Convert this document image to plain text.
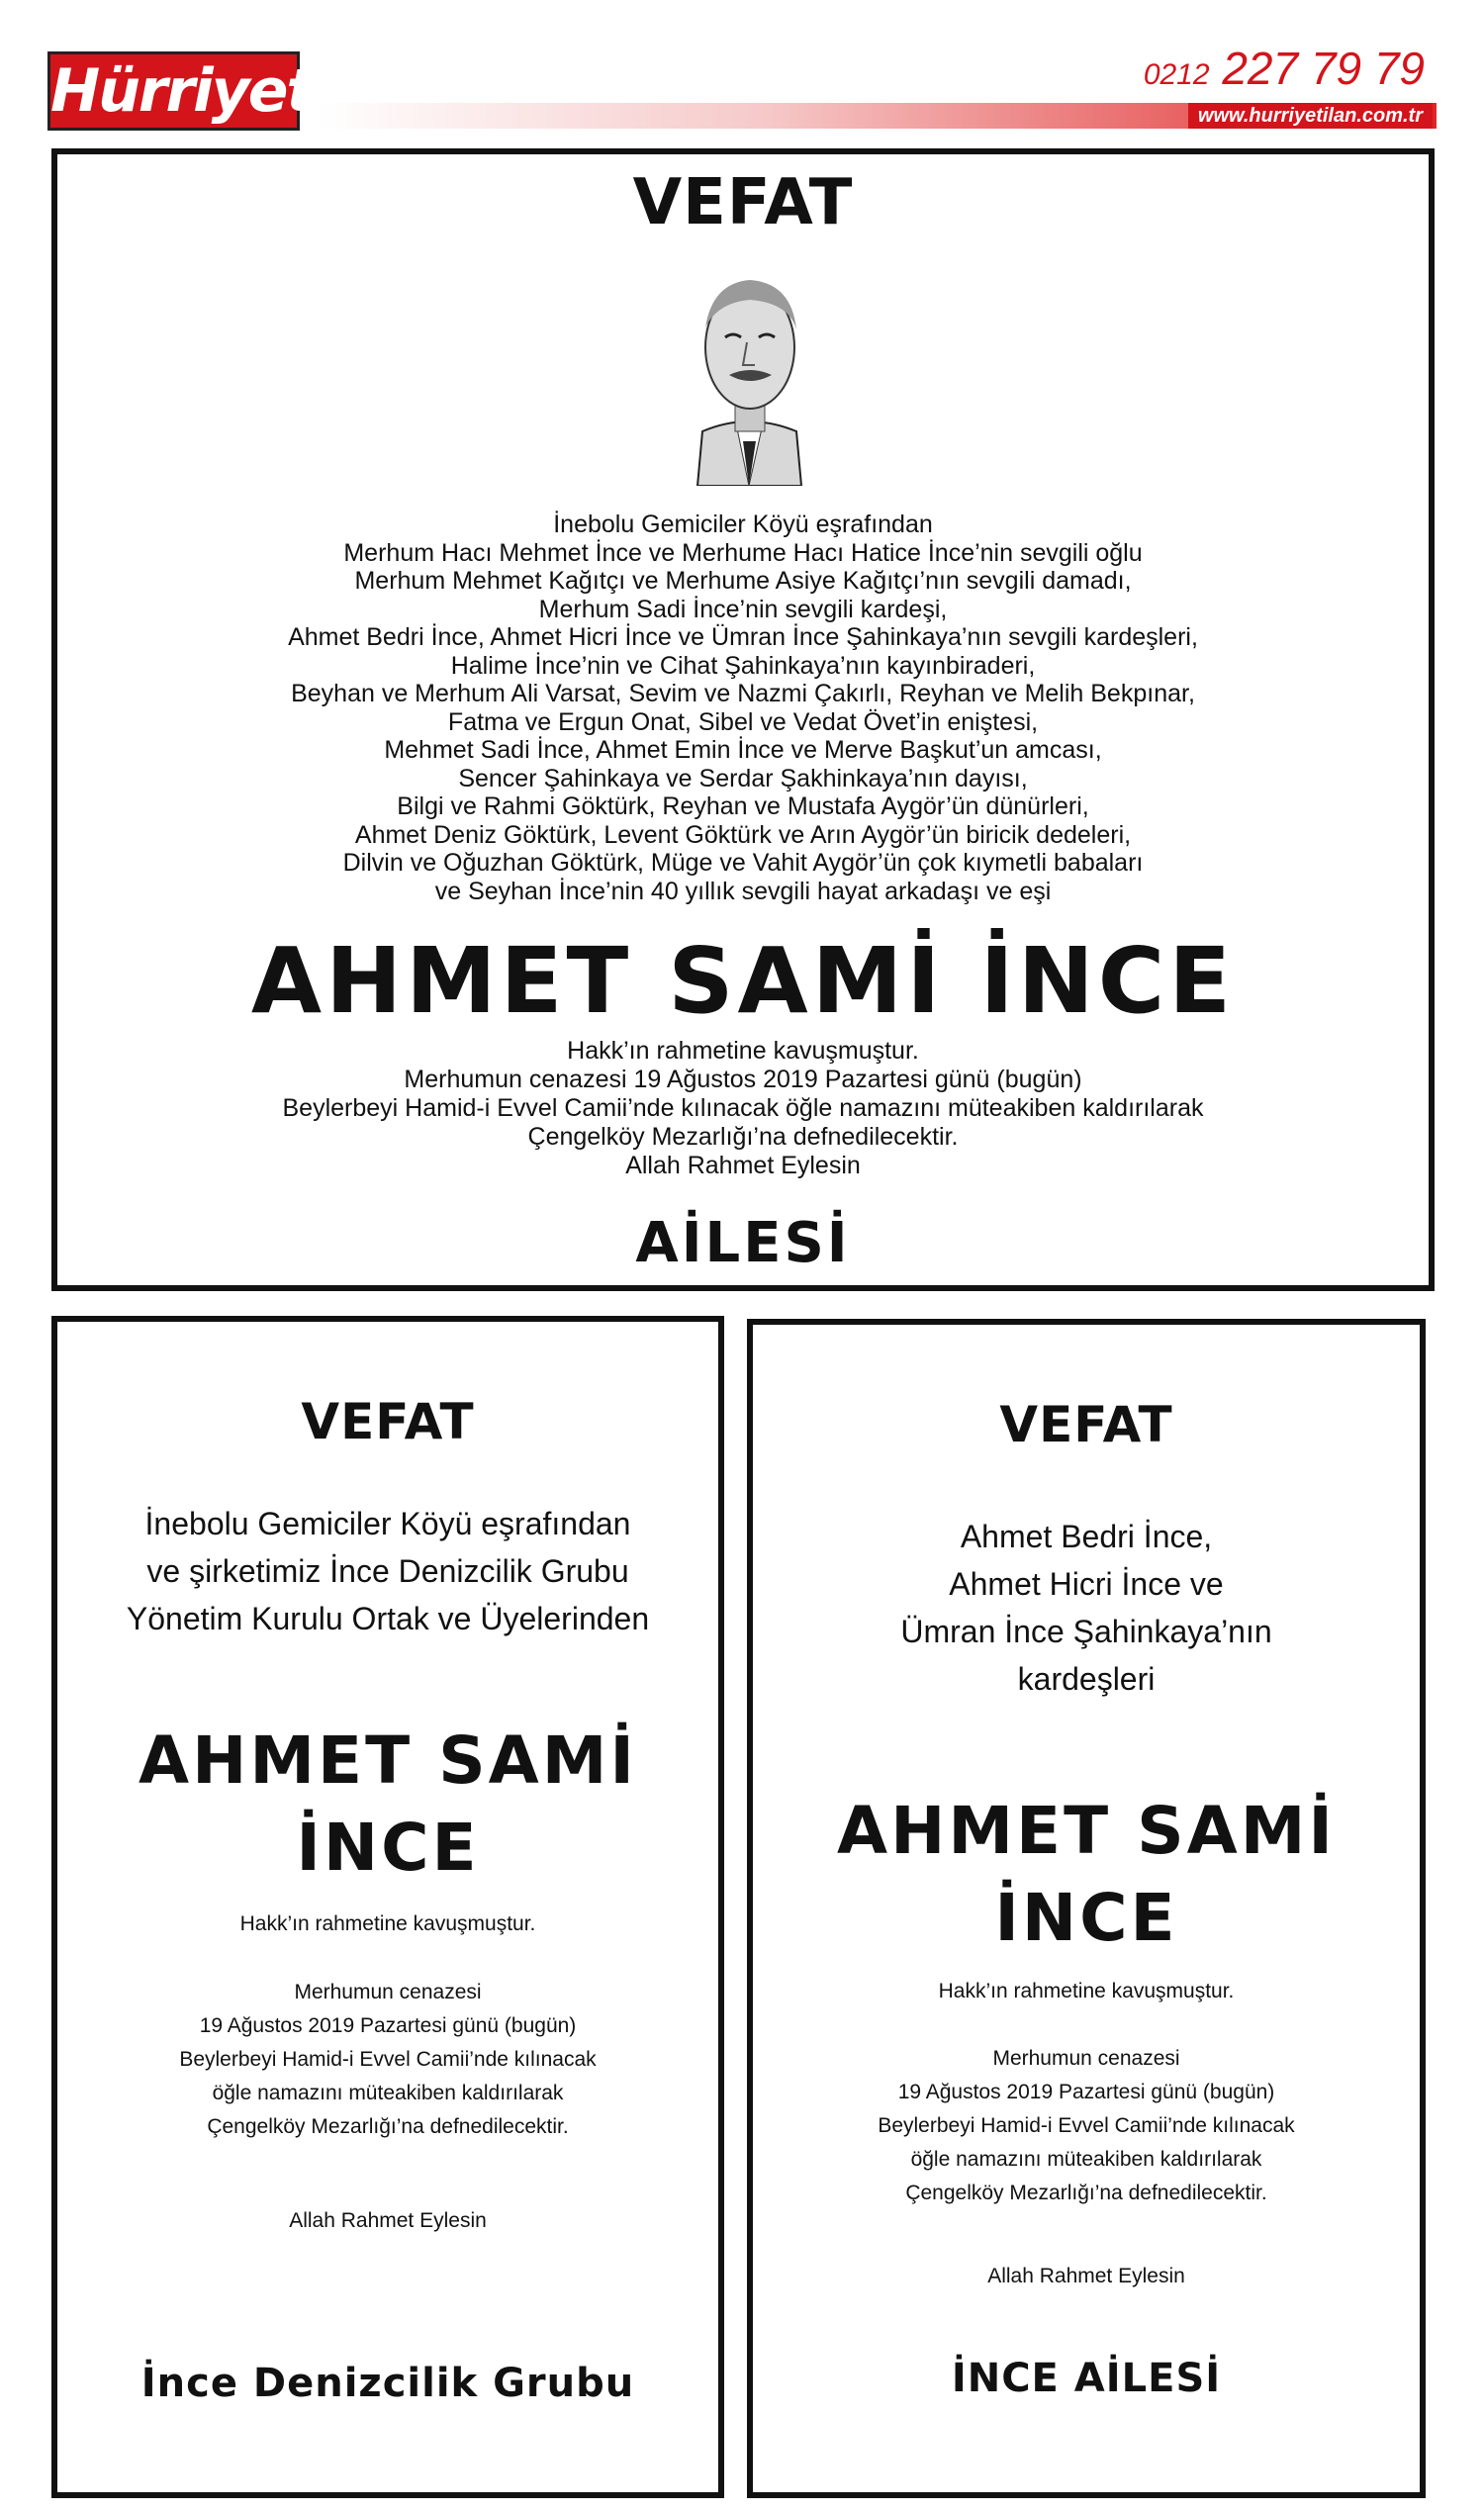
Hürriyet	0212 227 79 79
www.hurriyetilan.com.tr
VEFAT
İnebolu Gemiciler Köyü eşrafından
Merhum Hacı Mehmet İnce ve Merhume Hacı Hatice İnce’nin sevgili oğlu
Merhum Mehmet Kağıtçı ve Merhume Asiye Kağıtçı’nın sevgili damadı,
Merhum Sadi İnce’nin sevgili kardeşi,
Ahmet Bedri İnce, Ahmet Hicri İnce ve Ümran İnce Şahinkaya’nın sevgili kardeşleri,
Halime İnce’nin ve Cihat Şahinkaya’nın kayınbiraderi,
Beyhan ve Merhum Ali Varsat, Sevim ve Nazmi Çakırlı, Reyhan ve Melih Bekpınar,
Fatma ve Ergun Onat, Sibel ve Vedat Övet’in eniştesi,
Mehmet Sadi İnce, Ahmet Emin İnce ve Merve Başkut’un amcası,
Sencer Şahinkaya ve Serdar Şakhinkaya’nın dayısı,
Bilgi ve Rahmi Göktürk, Reyhan ve Mustafa Aygör’ün dünürleri,
Ahmet Deniz Göktürk, Levent Göktürk ve Arın Aygör’ün biricik dedeleri,
Dilvin ve Oğuzhan Göktürk, Müge ve Vahit Aygör’ün çok kıymetli babaları
ve Seyhan İnce’nin 40 yıllık sevgili hayat arkadaşı ve eşi
AHMET SAMİ İNCE
Hakk’ın rahmetine kavuşmuştur.
Merhumun cenazesi 19 Ağustos 2019 Pazartesi günü (bugün)
Beylerbeyi Hamid-i Evvel Camii’nde kılınacak öğle namazını müteakiben kaldırılarak
Çengelköy Mezarlığı’na defnedilecektir.
Allah Rahmet Eylesin
AİLESİ
VEFAT
İnebolu Gemiciler Köyü eşrafından
ve şirketimiz İnce Denizcilik Grubu
Yönetim Kurulu Ortak ve Üyelerinden
AHMET SAMİ
İNCE
Hakk’ın rahmetine kavuşmuştur.
Merhumun cenazesi
19 Ağustos 2019 Pazartesi günü (bugün)
Beylerbeyi Hamid-i Evvel Camii’nde kılınacak
öğle namazını müteakiben kaldırılarak
Çengelköy Mezarlığı’na defnedilecektir.
Allah Rahmet Eylesin
İnce Denizcilik Grubu
VEFAT
Ahmet Bedri İnce,
Ahmet Hicri İnce ve
Ümran İnce Şahinkaya’nın
kardeşleri
AHMET SAMİ
İNCE
Hakk’ın rahmetine kavuşmuştur.
Merhumun cenazesi
19 Ağustos 2019 Pazartesi günü (bugün)
Beylerbeyi Hamid-i Evvel Camii’nde kılınacak
öğle namazını müteakiben kaldırılarak
Çengelköy Mezarlığı’na defnedilecektir.
Allah Rahmet Eylesin
İNCE AİLESİ
